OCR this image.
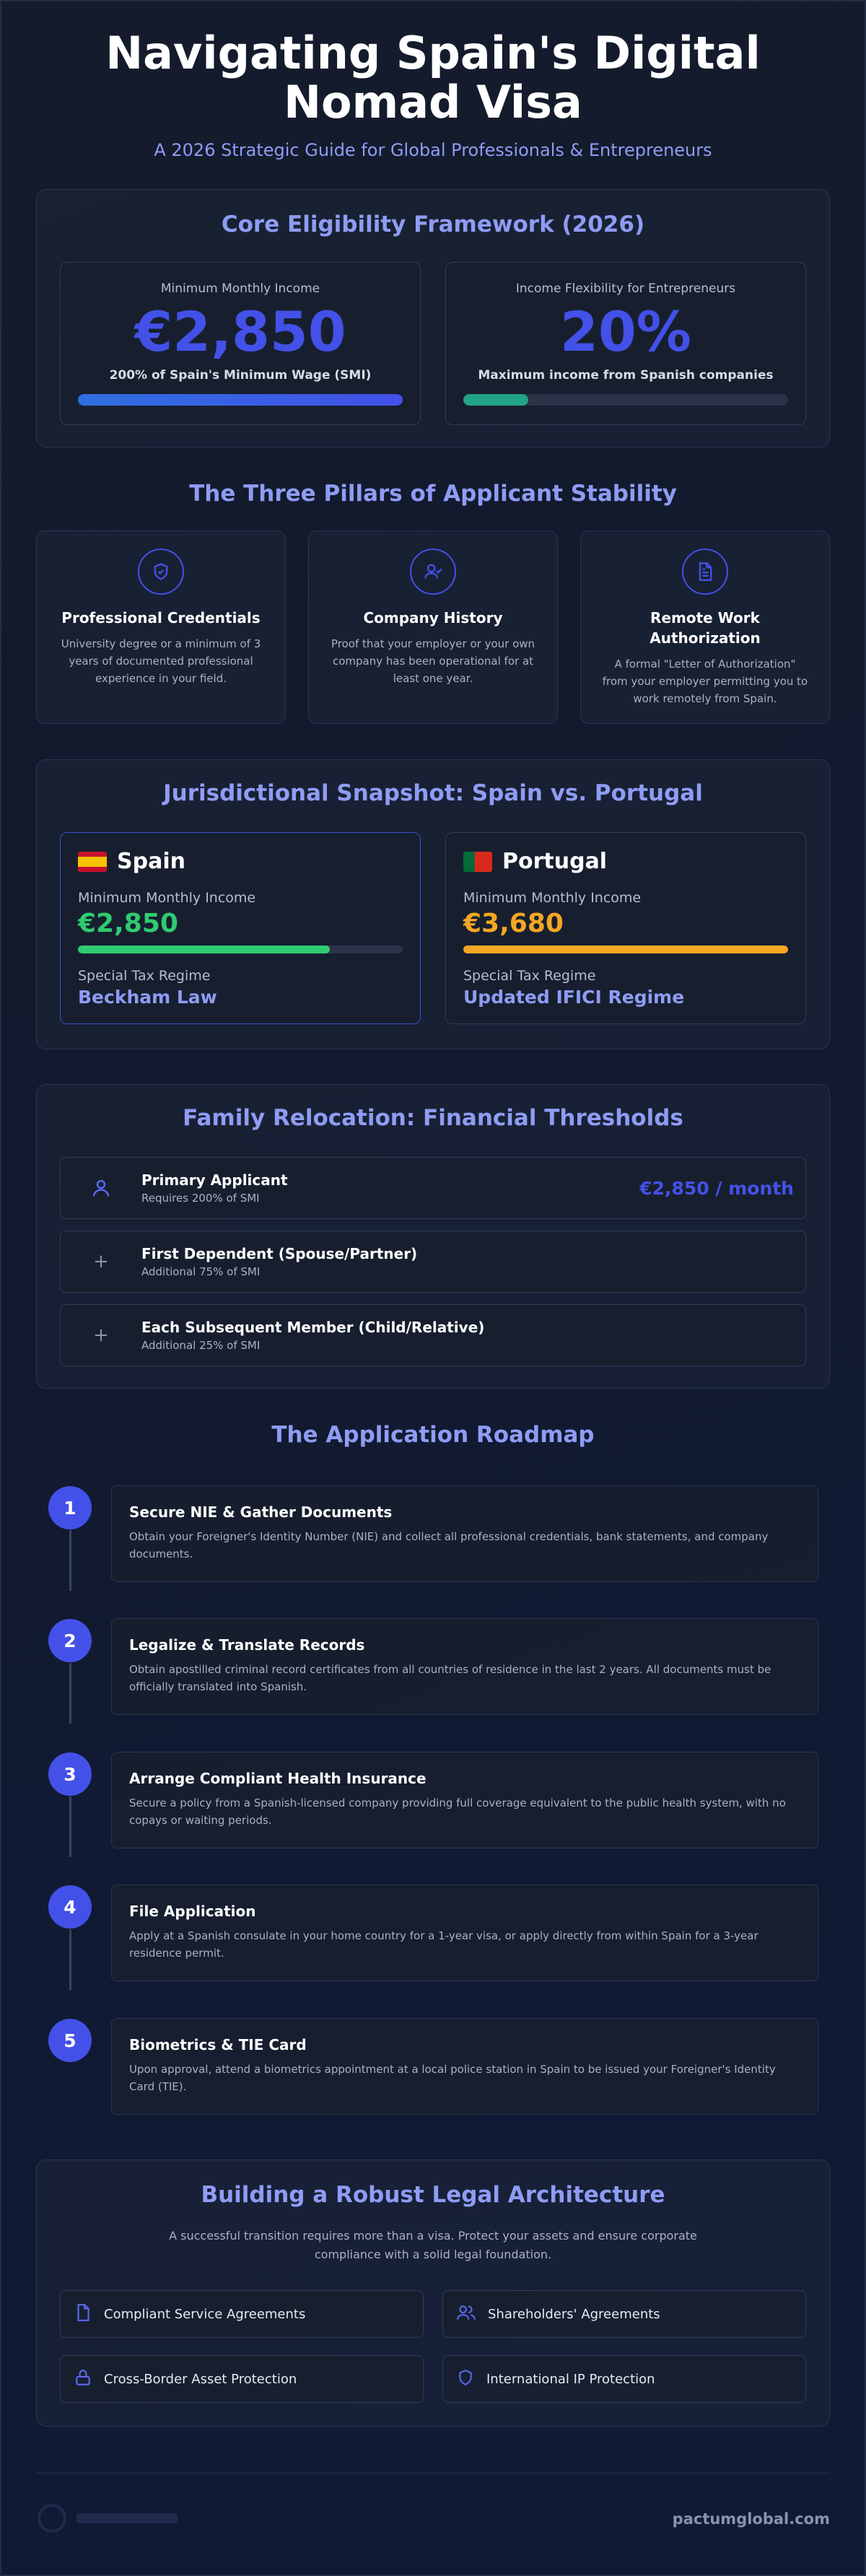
Navigating Spain's Digital Nomad Visa

A 2026 Strategic Guide for Global Professionals & Entrepreneurs

Core Eligibility Framework (2026)
Minimum Monthly Income
€2,850
200% of Spain's Minimum Wage (SMI)
Income Flexibility for Entrepreneurs
20%
Maximum income from Spanish companies
The Three Pillars of Applicant Stability
Professional Credentials

University degree or a minimum of 3 years of documented professional experience in your field.

Company History

Proof that your employer or your own company has been operational for at least one year.

Remote Work Authorization

A formal "Letter of Authorization" from your employer permitting you to work remotely from Spain.

Jurisdictional Snapshot: Spain vs. Portugal
Spain
Minimum Monthly Income
€2,850
Special Tax Regime
Beckham Law
Portugal
Minimum Monthly Income
€3,680
Special Tax Regime
Updated IFICI Regime
Family Relocation: Financial Thresholds
Primary Applicant

Requires 200% of SMI	€2,850 / month
+	First Dependent (Spouse/Partner)

Additional 75% of SMI

+	Each Subsequent Member (Child/Relative)

Additional 25% of SMI

The Application Roadmap
1	Secure NIE & Gather Documents

Obtain your Foreigner's Identity Number (NIE) and collect all professional credentials, bank statements, and company documents.

2	Legalize & Translate Records

Obtain apostilled criminal record certificates from all countries of residence in the last 2 years. All documents must be officially translated into Spanish.

3	Arrange Compliant Health Insurance

Secure a policy from a Spanish-licensed company providing full coverage equivalent to the public health system, with no copays or waiting periods.

4	File Application

Apply at a Spanish consulate in your home country for a 1-year visa, or apply directly from within Spain for a 3-year residence permit.

5	Biometrics & TIE Card

Upon approval, attend a biometrics appointment at a local police station in Spain to be issued your Foreigner's Identity Card (TIE).

Building a Robust Legal Architecture
A successful transition requires more than a visa. Protect your assets and ensure corporate compliance with a solid legal foundation.
Compliant Service Agreements	Shareholders' Agreements
Cross-Border Asset Protection	International IP Protection
pactumglobal.com
